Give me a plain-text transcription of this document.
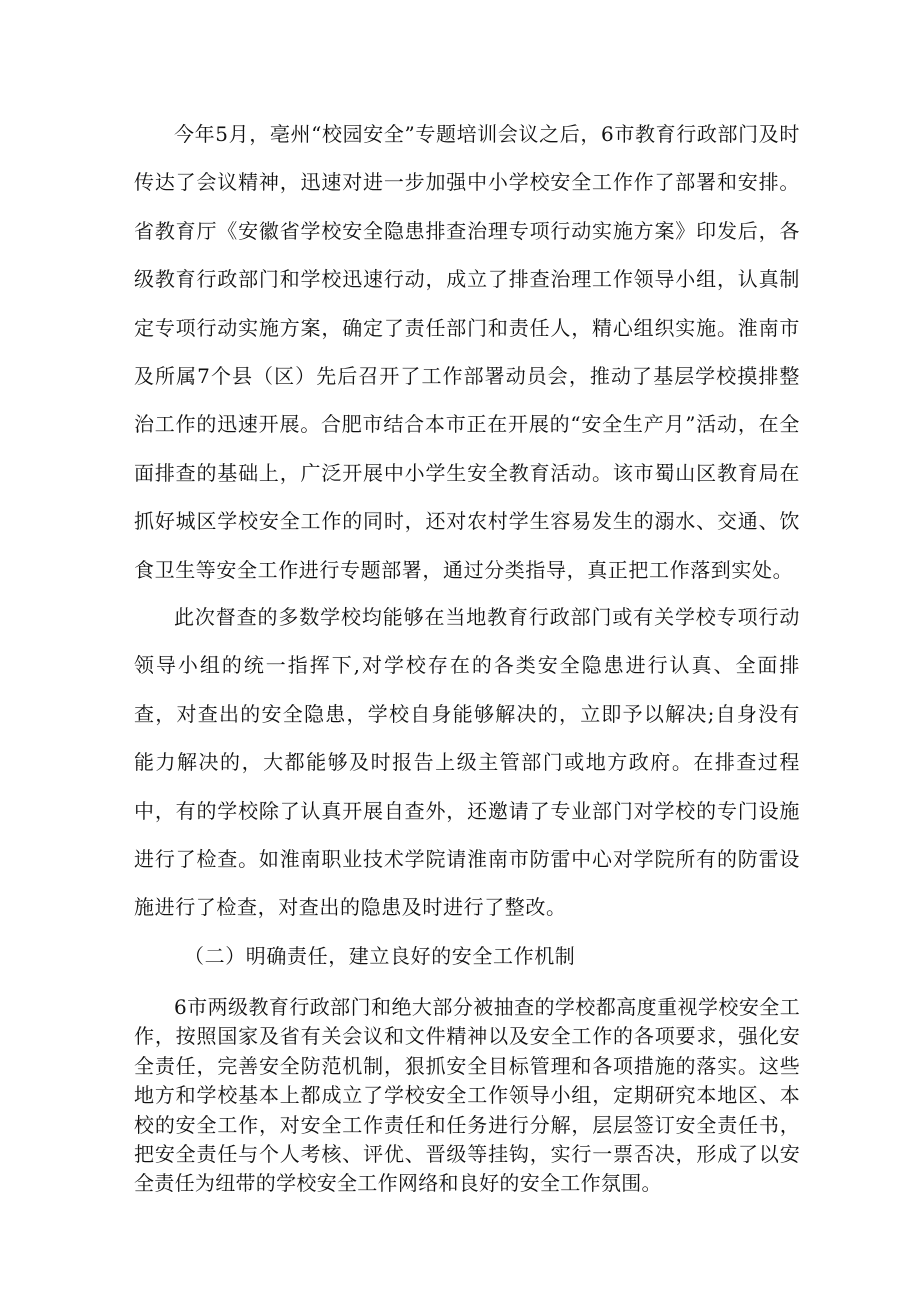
今年5月，亳州“校园安全”专题培训会议之后，6市教育行政部门及时传达了会议精神，迅速对进一步加强中小学校安全工作作了部署和安排。省教育厅《安徽省学校安全隐患排查治理专项行动实施方案》印发后，各级教育行政部门和学校迅速行动，成立了排查治理工作领导小组，认真制定专项行动实施方案，确定了责任部门和责任人，精心组织实施。淮南市及所属7个县（区）先后召开了工作部署动员会，推动了基层学校摸排整治工作的迅速开展。合肥市结合本市正在开展的“安全生产月”活动，在全面排查的基础上，广泛开展中小学生安全教育活动。该市蜀山区教育局在抓好城区学校安全工作的同时，还对农村学生容易发生的溺水、交通、饮食卫生等安全工作进行专题部署，通过分类指导，真正把工作落到实处。

此次督查的多数学校均能够在当地教育行政部门或有关学校专项行动领导小组的统一指挥下,对学校存在的各类安全隐患进行认真、全面排查，对查出的安全隐患，学校自身能够解决的，立即予以解决;自身没有能力解决的，大都能够及时报告上级主管部门或地方政府。在排查过程中，有的学校除了认真开展自查外，还邀请了专业部门对学校的专门设施进行了检查。如淮南职业技术学院请淮南市防雷中心对学院所有的防雷设施进行了检查，对查出的隐患及时进行了整改。

（二）明确责任，建立良好的安全工作机制

6市两级教育行政部门和绝大部分被抽查的学校都高度重视学校安全工作，按照国家及省有关会议和文件精神以及安全工作的各项要求，强化安全责任，完善安全防范机制，狠抓安全目标管理和各项措施的落实。这些地方和学校基本上都成立了学校安全工作领导小组，定期研究本地区、本校的安全工作，对安全工作责任和任务进行分解，层层签订安全责任书，把安全责任与个人考核、评优、晋级等挂钩，实行一票否决，形成了以安全责任为纽带的学校安全工作网络和良好的安全工作氛围。
